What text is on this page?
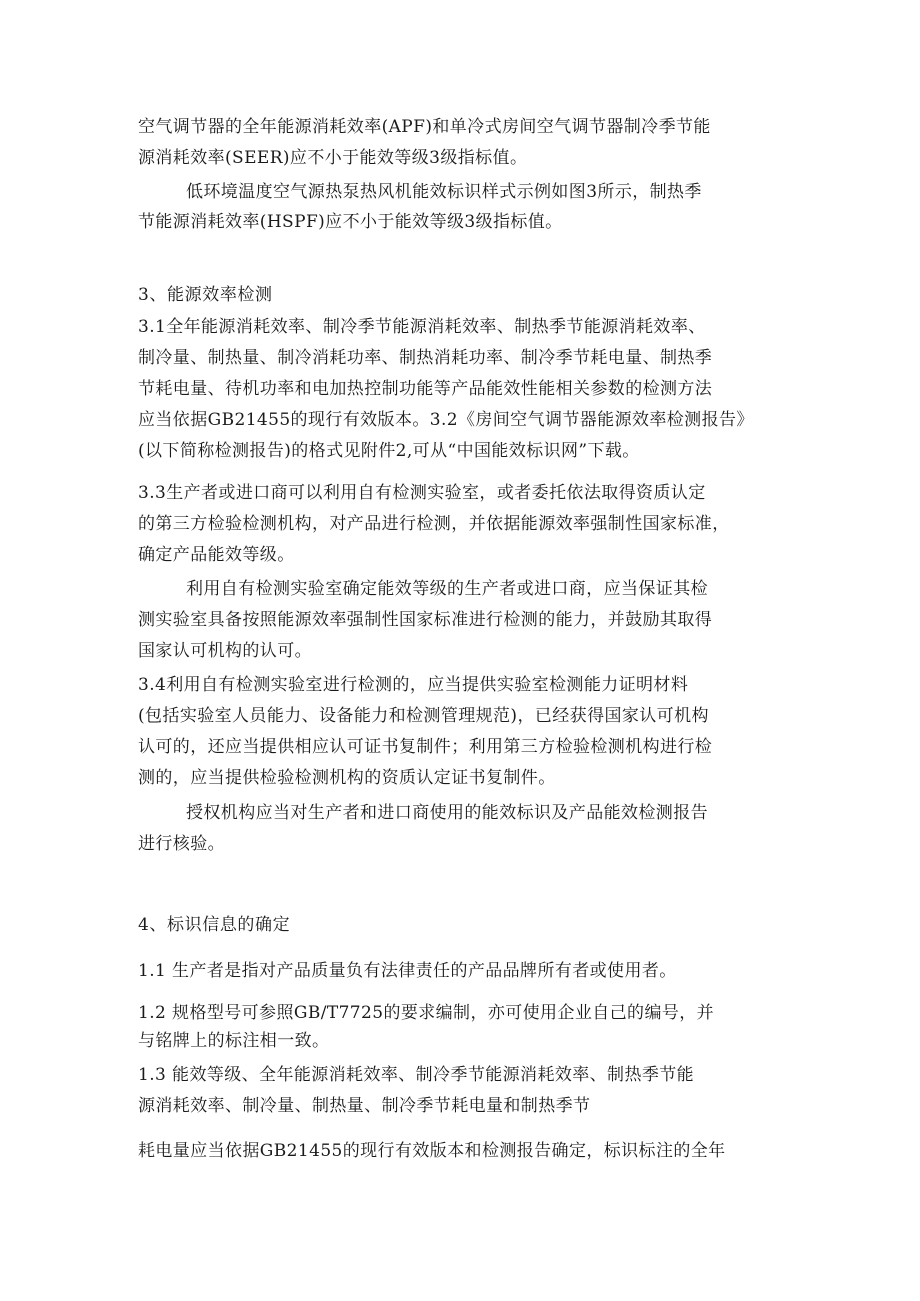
空气调节器的全年能源消耗效率(APF)和单冷式房间空气调节器制冷季节能
源消耗效率(SEER)应不小于能效等级3级指标值。
低环境温度空气源热泵热风机能效标识样式示例如图3所示，制热季
节能源消耗效率(HSPF)应不小于能效等级3级指标值。
3、能源效率检测
3.1全年能源消耗效率、制冷季节能源消耗效率、制热季节能源消耗效率、
制冷量、制热量、制冷消耗功率、制热消耗功率、制冷季节耗电量、制热季
节耗电量、待机功率和电加热控制功能等产品能效性能相关参数的检测方法
应当依据GB21455的现行有效版本。3.2《房间空气调节器能源效率检测报告》
(以下简称检测报告)的格式见附件2,可从“中国能效标识网”下载。
3.3生产者或进口商可以利用自有检测实验室，或者委托依法取得资质认定
的第三方检验检测机构，对产品进行检测，并依据能源效率强制性国家标准，
确定产品能效等级。
利用自有检测实验室确定能效等级的生产者或进口商，应当保证其检
测实验室具备按照能源效率强制性国家标准进行检测的能力，并鼓励其取得
国家认可机构的认可。
3.4利用自有检测实验室进行检测的，应当提供实验室检测能力证明材料
(包括实验室人员能力、设备能力和检测管理规范)，已经获得国家认可机构
认可的，还应当提供相应认可证书复制件；利用第三方检验检测机构进行检
测的，应当提供检验检测机构的资质认定证书复制件。
授权机构应当对生产者和进口商使用的能效标识及产品能效检测报告
进行核验。
4、标识信息的确定
1.1 生产者是指对产品质量负有法律责任的产品品牌所有者或使用者。
1.2 规格型号可参照GB/T7725的要求编制，亦可使用企业自己的编号，并
与铭牌上的标注相一致。
1.3 能效等级、全年能源消耗效率、制冷季节能源消耗效率、制热季节能
源消耗效率、制冷量、制热量、制冷季节耗电量和制热季节
耗电量应当依据GB21455的现行有效版本和检测报告确定，标识标注的全年
